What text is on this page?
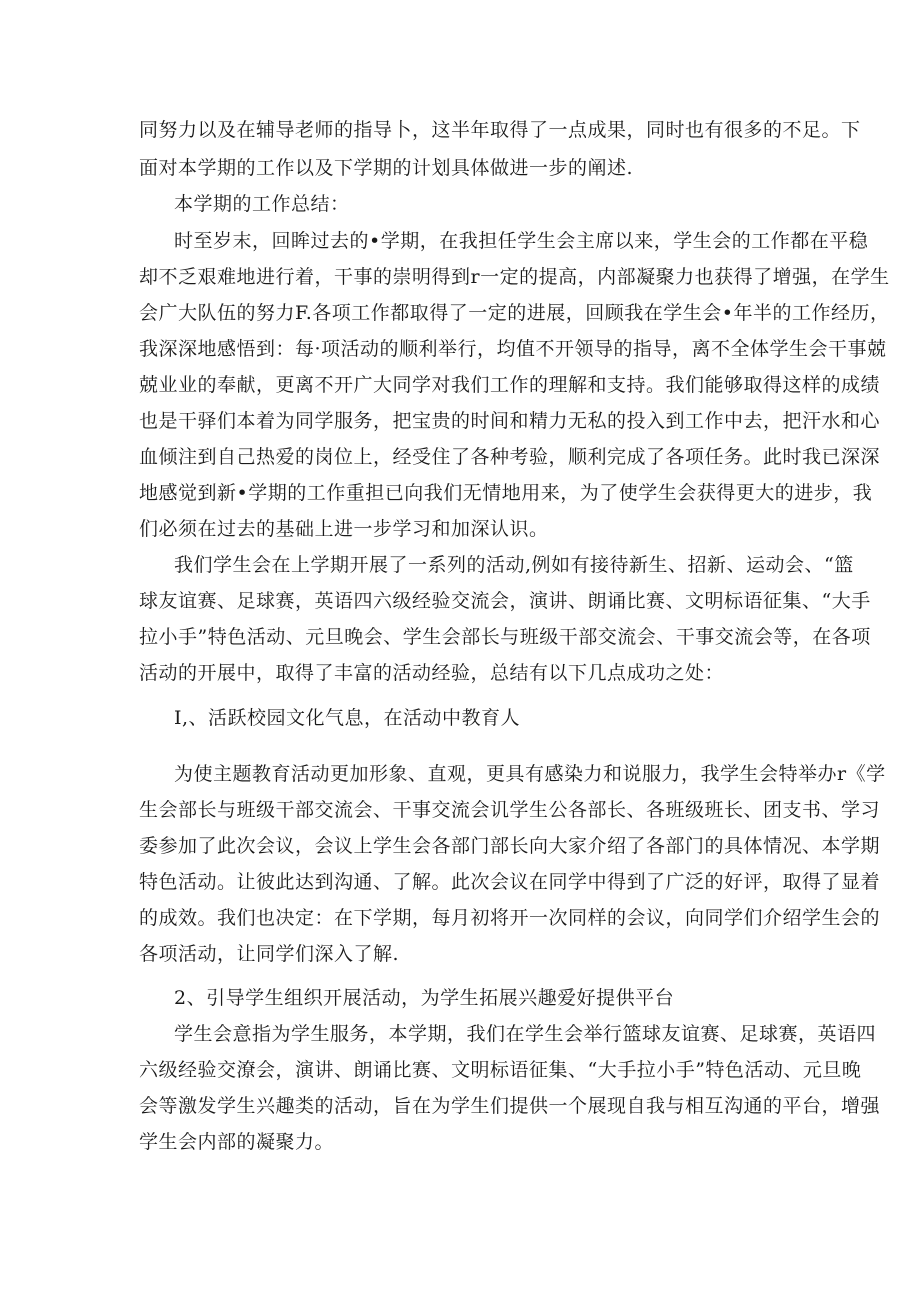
同努力以及在辅导老师的指导卜，这半年取得了一点成果，同时也有很多的不足。下
面对本学期的工作以及下学期的计划具体做进一步的阐述.
本学期的工作总结：
时至岁末，回眸过去的•学期，在我担任学生会主席以来，学生会的工作都在平稳
却不乏艰难地进行着，干事的崇明得到r一定的提高，内部凝聚力也获得了增强，在学生
会广大队伍的努力F.各项工作都取得了一定的进展，回顾我在学生会•年半的工作经历，
我深深地感悟到：每·项活动的顺利举行，均值不开领导的指导，离不全体学生会干事兢
兢业业的奉献，更离不开广大同学对我们工作的理解和支持。我们能够取得这样的成绩
也是干驿们本着为同学服务，把宝贵的时间和精力无私的投入到工作中去，把汗水和心
血倾注到自己热爱的岗位上，经受住了各种考验，顺利完成了各项任务。此时我已深深
地感觉到新•学期的工作重担已向我们无情地用来，为了使学生会获得更大的进步，我
们必须在过去的基础上进一步学习和加深认识。
我们学生会在上学期开展了一系列的活动,例如有接待新生、招新、运动会、“篮
球友谊赛、足球赛，英语四六级经验交流会，演讲、朗诵比赛、文明标语征集、“大手
拉小手”特色活动、元旦晚会、学生会部长与班级干部交流会、干事交流会等，在各项
活动的开展中，取得了丰富的活动经验，总结有以下几点成功之处：
I,、活跃校园文化气息，在活动中教育人
为使主题教育活动更加形象、直观，更具有感染力和说服力，我学生会特举办r《学
生会部长与班级干部交流会、干事交流会讥学生公各部长、各班级班长、团支书、学习
委参加了此次会议，会议上学生会各部门部长向大家介绍了各部门的具体情况、本学期
特色活动。让彼此达到沟通、了解。此次会议在同学中得到了广泛的好评，取得了显着
的成效。我们也决定：在下学期，每月初将开一次同样的会议，向同学们介绍学生会的
各项活动，让同学们深入了解.
2、引导学生组织开展活动，为学生拓展兴趣爱好提供平台
学生会意指为学生服务，本学期，我们在学生会举行篮球友谊赛、足球赛，英语四
六级经验交潦会，演讲、朗诵比赛、文明标语征集、“大手拉小手”特色活动、元旦晚
会等激发学生兴趣类的活动，旨在为学生们提供一个展现自我与相互沟通的平台，增强
学生会内部的凝聚力。
